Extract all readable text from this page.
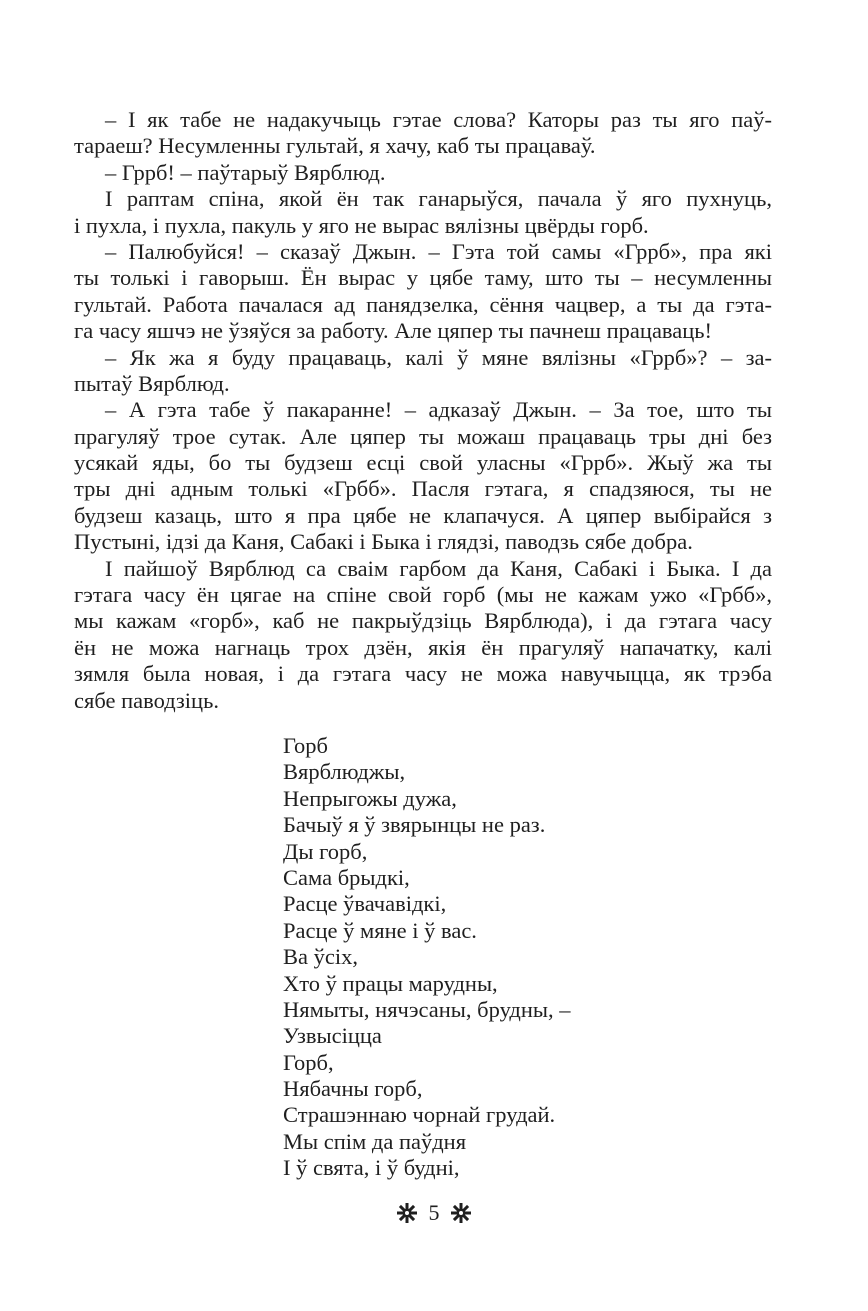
– І як табе не надакучыць гэтае слова? Каторы раз ты яго паў-
тараеш? Несумленны гультай, я хачу, каб ты працаваў.
– Гррб! – паўтарыў Вярблюд.
І раптам спіна, якой ён так ганарыўся, пачала ў яго пухнуць,
і пухла, і пухла, пакуль у яго не вырас вялізны цвёрды горб.
– Палюбуйся! – сказаў Джын. – Гэта той самы «Гррб», пра які
ты толькі і гаворыш. Ён вырас у цябе таму, што ты – несумленны
гультай. Работа пачалася ад панядзелка, сёння чацвер, а ты да гэта-
га часу яшчэ не ўзяўся за работу. Але цяпер ты пачнеш працаваць!
– Як жа я буду працаваць, калі ў мяне вялізны «Гррб»? – за-
пытаў Вярблюд.
– А гэта табе ў пакаранне! – адказаў Джын. – За тое, што ты
прагуляў трое сутак. Але цяпер ты можаш працаваць тры дні без
усякай яды, бо ты будзеш есці свой уласны «Гррб». Жыў жа ты
тры дні адным толькі «Грбб». Пасля гэтага, я спадзяюся, ты не
будзеш казаць, што я пра цябе не клапачуся. А цяпер выбірайся з
Пустыні, ідзі да Каня, Сабакі і Быка і глядзі, паводзь сябе добра.
І пайшоў Вярблюд са сваім гарбом да Каня, Сабакі і Быка. І да
гэтага часу ён цягае на спіне свой горб (мы не кажам ужо «Грбб»,
мы кажам «горб», каб не пакрыўдзіць Вярблюда), і да гэтага часу
ён не можа нагнаць трох дзён, якія ён прагуляў напачатку, калі
зямля была новая, і да гэтага часу не можа навучыцца, як трэба
сябе паводзіць.
Горб
Вярблюджы,
Непрыгожы дужа,
Бачыў я ў звярынцы не раз.
Ды горб,
Сама брыдкі,
Расце ўвачавідкі,
Расце ў мяне і ў вас.
Ва ўсіх,
Хто ў працы марудны,
Нямыты, нячэсаны, брудны, –
Узвысіцца
Горб,
Нябачны горб,
Страшэннаю чорнай грудай.
Мы спім да паўдня
І ў свята, і ў будні,
5
